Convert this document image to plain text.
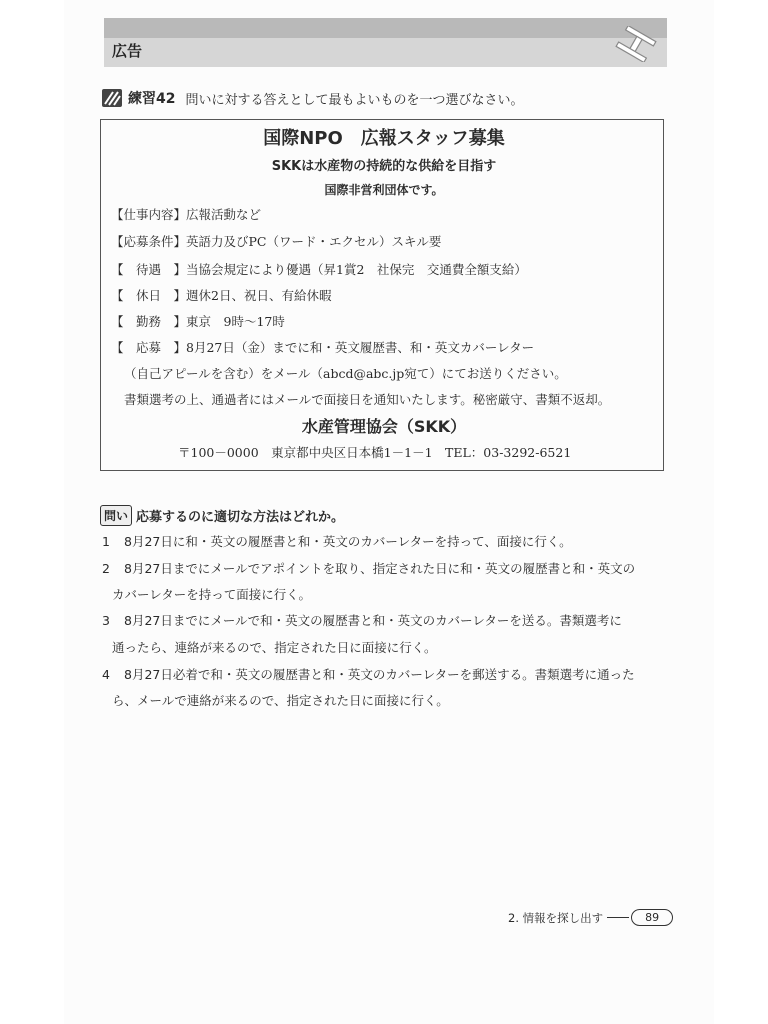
広告
練習42 問いに対する答えとして最もよいものを一つ選びなさい。
国際NPO　広報スタッフ募集
SKKは水産物の持続的な供給を目指す
国際非営利団体です。
【仕事内容】広報活動など
【応募条件】英語力及びPC（ワード・エクセル）スキル要
【　待遇　】当協会規定により優遇（昇1賞2　社保完　交通費全額支給）
【　休日　】週休2日、祝日、有給休暇
【　勤務　】東京　9時〜17時
【　応募　】8月27日（金）までに和・英文履歴書、和・英文カバーレター
（自己アピールを含む）をメール（abcd@abc.jp宛て）にてお送りください。
書類選考の上、通過者にはメールで面接日を通知いたします。秘密厳守、書類不返却。
水産管理協会（SKK）
〒100－0000　東京都中央区日本橋1－1－1　TEL：03-3292-6521
問い 応募するのに適切な方法はどれか。
1 8月27日に和・英文の履歴書と和・英文のカバーレターを持って、面接に行く。
2 8月27日までにメールでアポイントを取り、指定された日に和・英文の履歴書と和・英文の
カバーレターを持って面接に行く。
3 8月27日までにメールで和・英文の履歴書と和・英文のカバーレターを送る。書類選考に
通ったら、連絡が来るので、指定された日に面接に行く。
4 8月27日必着で和・英文の履歴書と和・英文のカバーレターを郵送する。書類選考に通った
ら、メールで連絡が来るので、指定された日に面接に行く。
2. 情報を探し出す	89
